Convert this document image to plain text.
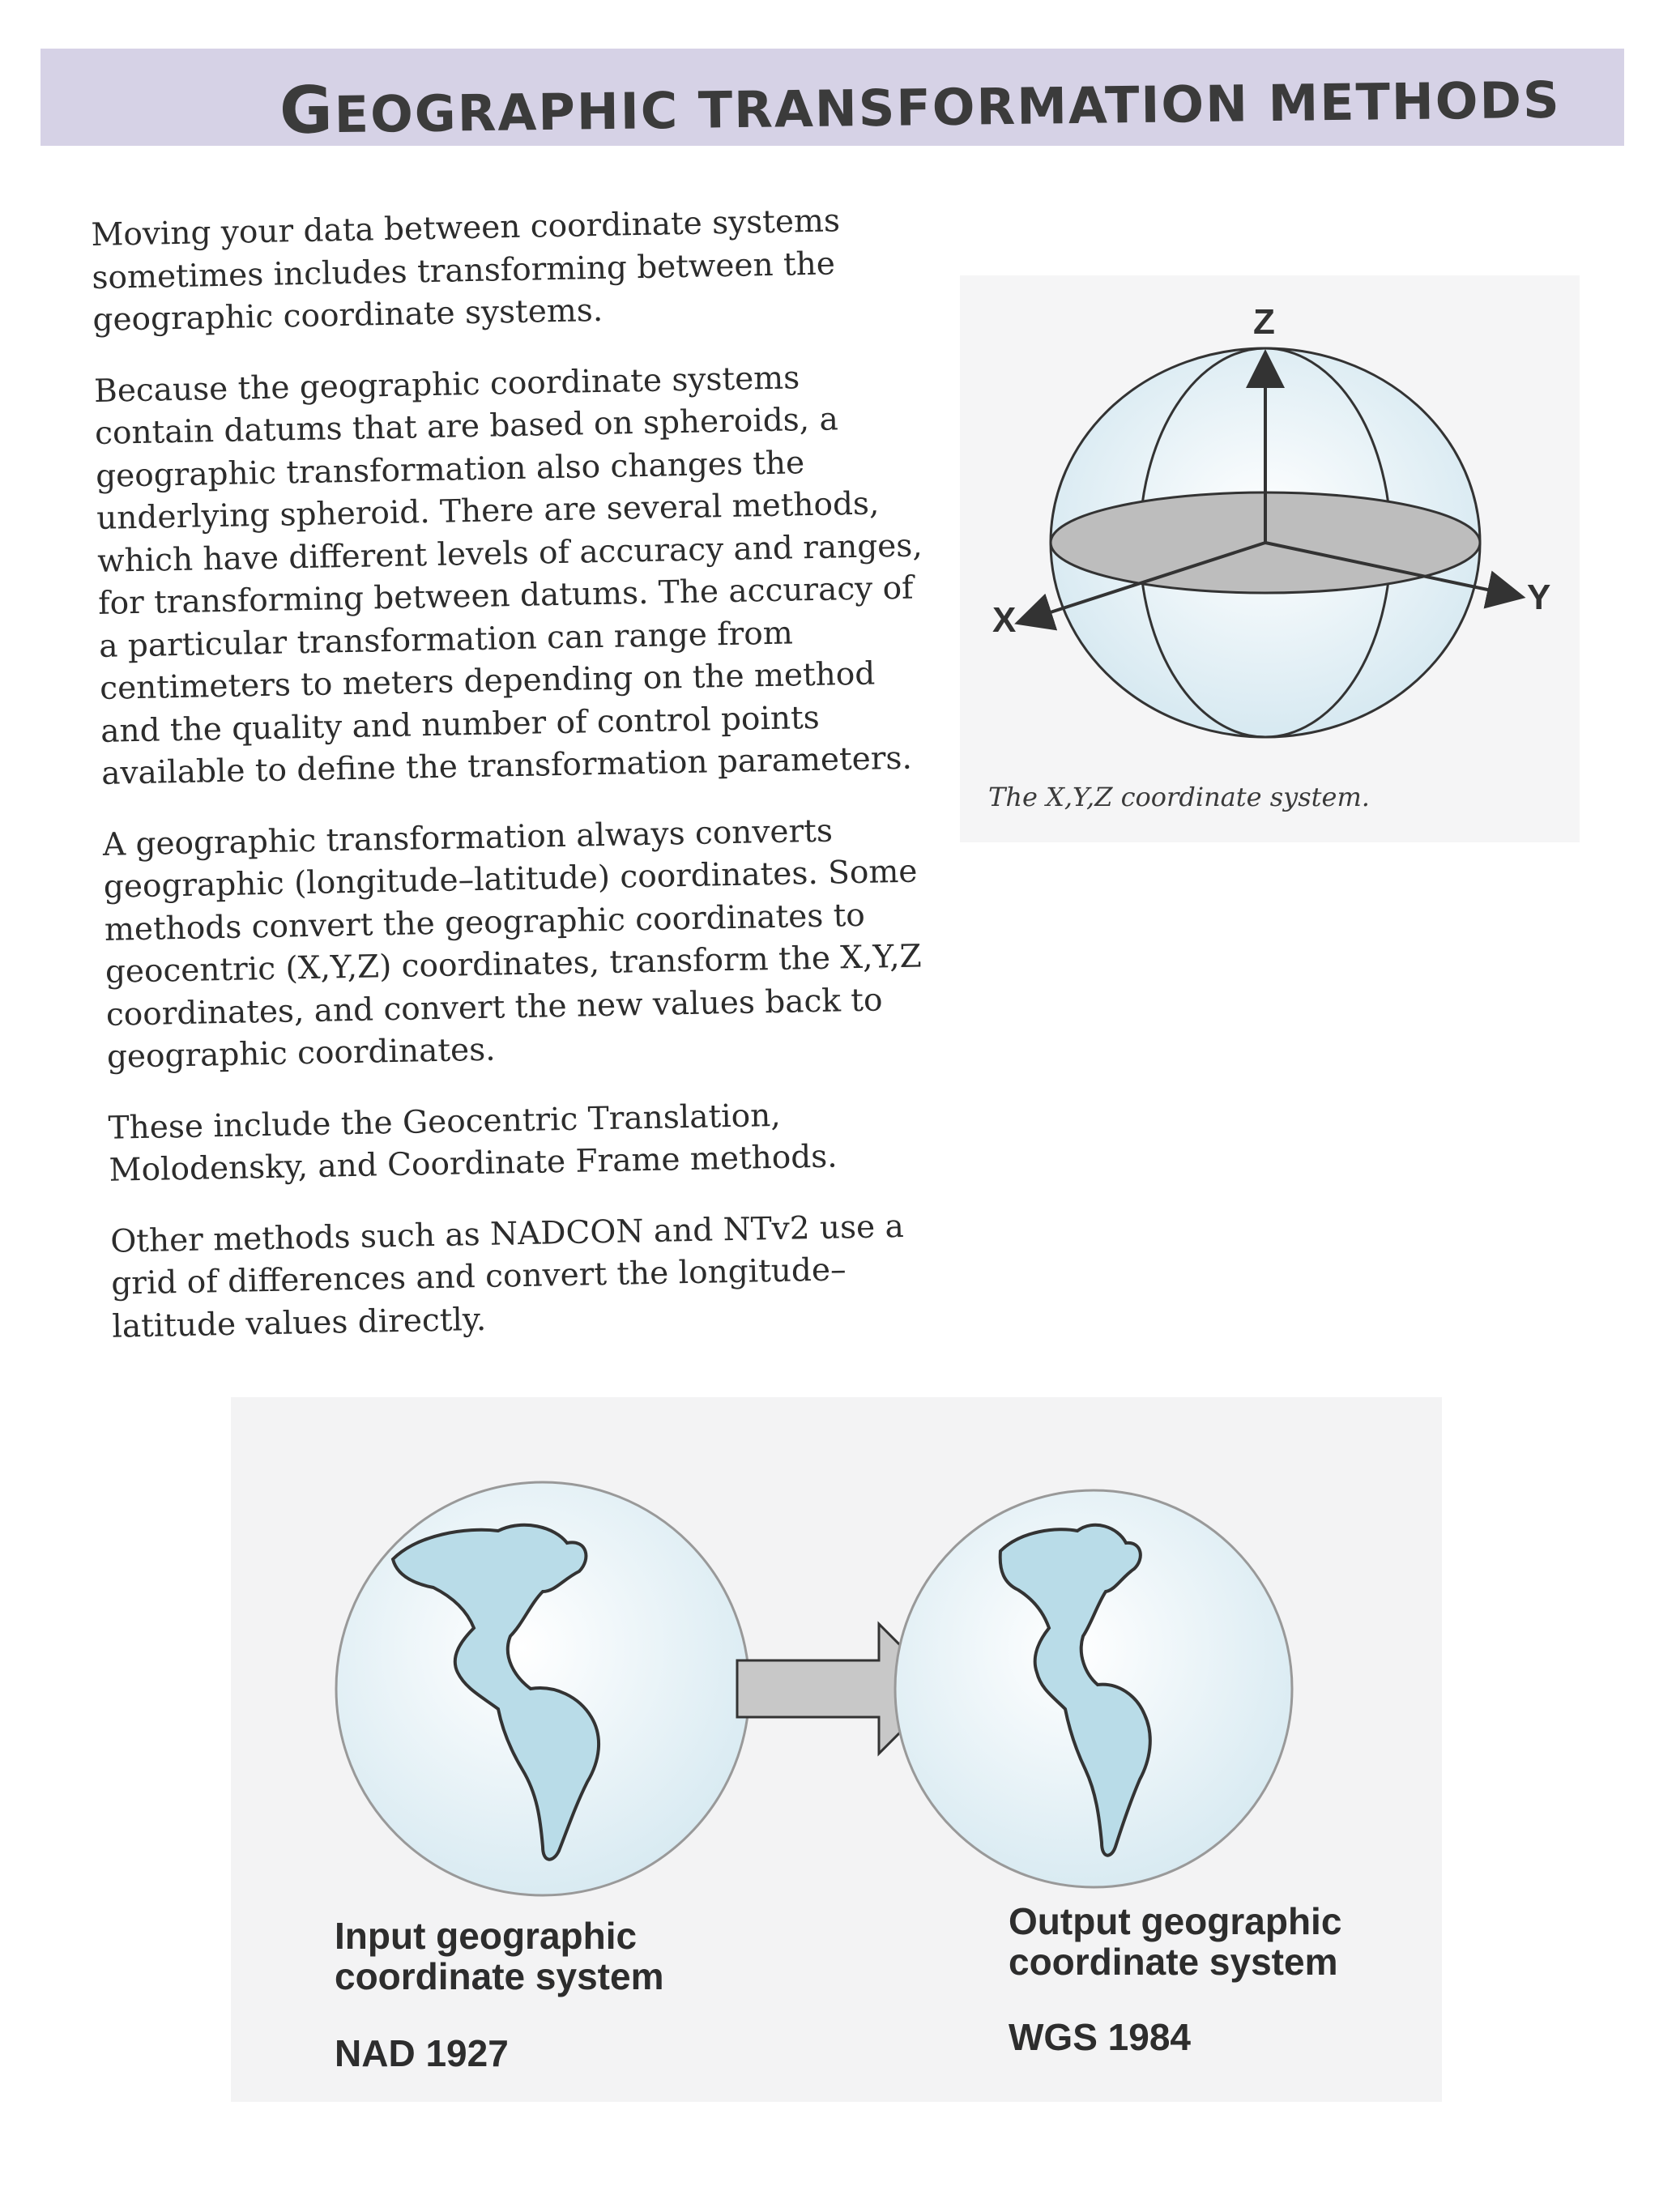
GEOGRAPHIC TRANSFORMATION METHODS

Moving your data between coordinate systems sometimes includes transforming between the geographic coordinate systems.

Because the geographic coordinate systems contain datums that are based on spheroids, a geographic transformation also changes the underlying spheroid. There are several methods, which have different levels of accuracy and ranges, for transforming between datums. The accuracy of a particular transformation can range from centimeters to meters depending on the method and the quality and number of control points available to define the transformation parameters.

A geographic transformation always converts geographic (longitude–latitude) coordinates. Some methods convert the geographic coordinates to geocentric (X,Y,Z) coordinates, transform the X,Y,Z coordinates, and convert the new values back to geographic coordinates.

These include the Geocentric Translation, Molodensky, and Coordinate Frame methods.

Other methods such as NADCON and NTv2 use a grid of differences and convert the longitude–latitude values directly.

Z
X
Y
The X,Y,Z coordinate system.
Input geographic coordinate system
NAD 1927
Output geographic coordinate system
WGS 1984
